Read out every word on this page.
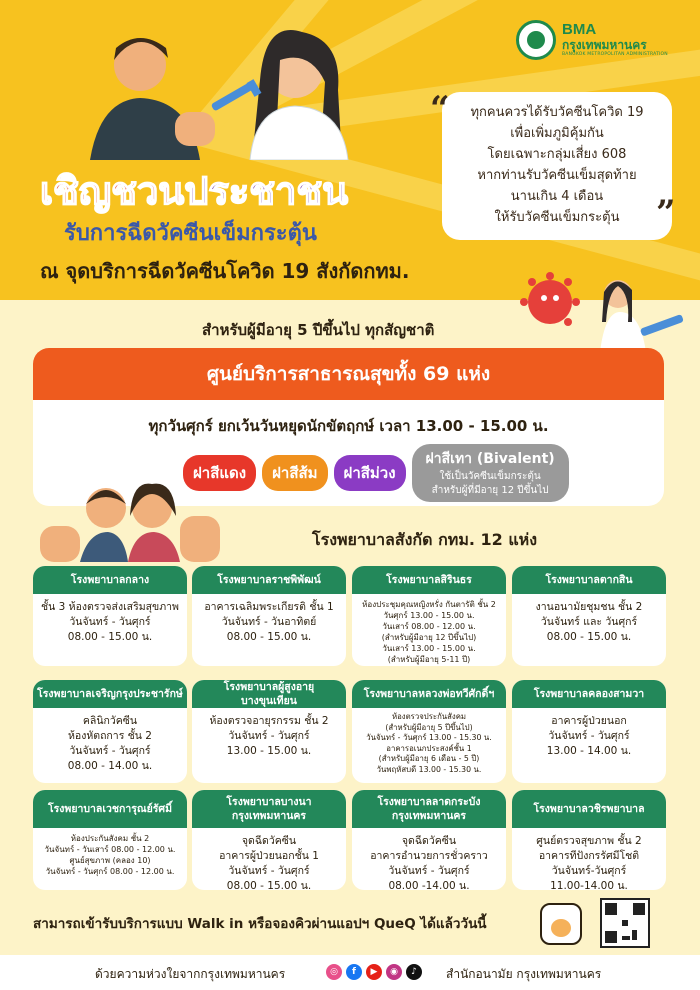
BMA
กรุงเทพมหานคร
BANGKOK METROPOLITAN ADMINISTRATION
ทุกคนควรได้รับวัคซีนโควิด 19
เพื่อเพิ่มภูมิคุ้มกัน
โดยเฉพาะกลุ่มเสี่ยง 608
หากท่านรับวัคซีนเข็มสุดท้าย
นานเกิน 4 เดือน
ให้รับวัคซีนเข็มกระตุ้น
“
”
เชิญชวนประชาชน
รับการฉีดวัคซีนเข็มกระตุ้น
ณ จุดบริการฉีดวัคซีนโควิด 19 สังกัดกทม.
สำหรับผู้มีอายุ 5 ปีขึ้นไป ทุกสัญชาติ
ศูนย์บริการสาธารณสุขทั้ง 69 แห่ง
ทุกวันศุกร์ ยกเว้นวันหยุดนักขัตฤกษ์ เวลา 13.00 - 15.00 น.
ฝาสีแดง	ฝาสีส้ม	ฝาสีม่วง
ฝาสีเทา (Bivalent)
ใช้เป็นวัคซีนเข็มกระตุ้น
สำหรับผู้ที่มีอายุ 12 ปีขึ้นไป
โรงพยาบาลสังกัด กทม. 12 แห่ง
โรงพยาบาลกลาง
ชั้น 3 ห้องตรวจส่งเสริมสุขภาพ
วันจันทร์ - วันศุกร์
08.00 - 15.00 น.
โรงพยาบาลราชพิพัฒน์
อาคารเฉลิมพระเกียรติ ชั้น 1
วันจันทร์ - วันอาทิตย์
08.00 - 15.00 น.
โรงพยาบาลสิรินธร
ห้องประชุมคุณหญิงหรั่ง กันตารัติ ชั้น 2
วันศุกร์ 13.00 - 15.00 น.
วันเสาร์ 08.00 - 12.00 น.
(สำหรับผู้มีอายุ 12 ปีขึ้นไป)
วันเสาร์ 13.00 - 15.00 น.
(สำหรับผู้มีอายุ 5-11 ปี)
โรงพยาบาลตากสิน
งานอนามัยชุมชน ชั้น 2
วันจันทร์ และ วันศุกร์
08.00 - 15.00 น.
โรงพยาบาลเจริญกรุงประชารักษ์
คลินิกวัคซีน
ห้องหัตถการ ชั้น 2
วันจันทร์ - วันศุกร์
08.00 - 14.00 น.
โรงพยาบาลผู้สูงอายุบางขุนเทียน
ห้องตรวจอายุรกรรม ชั้น 2
วันจันทร์ - วันศุกร์
13.00 - 15.00 น.
โรงพยาบาลหลวงพ่อทวีศักดิ์ฯ
ห้องตรวจประกันสังคม
(สำหรับผู้มีอายุ 5 ปีขึ้นไป)
วันจันทร์ - วันศุกร์ 13.00 - 15.30 น.
อาคารอเนกประสงค์ชั้น 1
(สำหรับผู้มีอายุ 6 เดือน - 5 ปี)
วันพฤหัสบดี 13.00 - 15.30 น.
โรงพยาบาลคลองสามวา
อาคารผู้ป่วยนอก
วันจันทร์ - วันศุกร์
13.00 - 14.00 น.
โรงพยาบาลเวชการุณย์รัศมิ์
ห้องประกันสังคม ชั้น 2
วันจันทร์ - วันเสาร์ 08.00 - 12.00 น.
ศูนย์สุขภาพ (คลอง 10)
วันจันทร์ - วันศุกร์ 08.00 - 12.00 น.
โรงพยาบาลบางนา
กรุงเทพมหานคร
จุดฉีดวัคซีน
อาคารผู้ป่วยนอกชั้น 1
วันจันทร์ - วันศุกร์
08.00 - 15.00 น.
โรงพยาบาลลาดกระบัง
กรุงเทพมหานคร
จุดฉีดวัคซีน
อาคารอำนวยการชั่วคราว
วันจันทร์ - วันศุกร์
08.00 -14.00 น.
โรงพยาบาลวชิรพยาบาล
ศูนย์ตรวจสุขภาพ ชั้น 2
อาคารทีปังกรรัศมีโชติ
วันจันทร์-วันศุกร์
11.00-14.00 น.
สามารถเข้ารับบริการแบบ Walk in หรือจองคิวผ่านแอปฯ QueQ ได้แล้ววันนี้
ด้วยความห่วงใยจากกรุงเทพมหานคร	◎	f	▶	◉	♪	สำนักอนามัย กรุงเทพมหานคร
